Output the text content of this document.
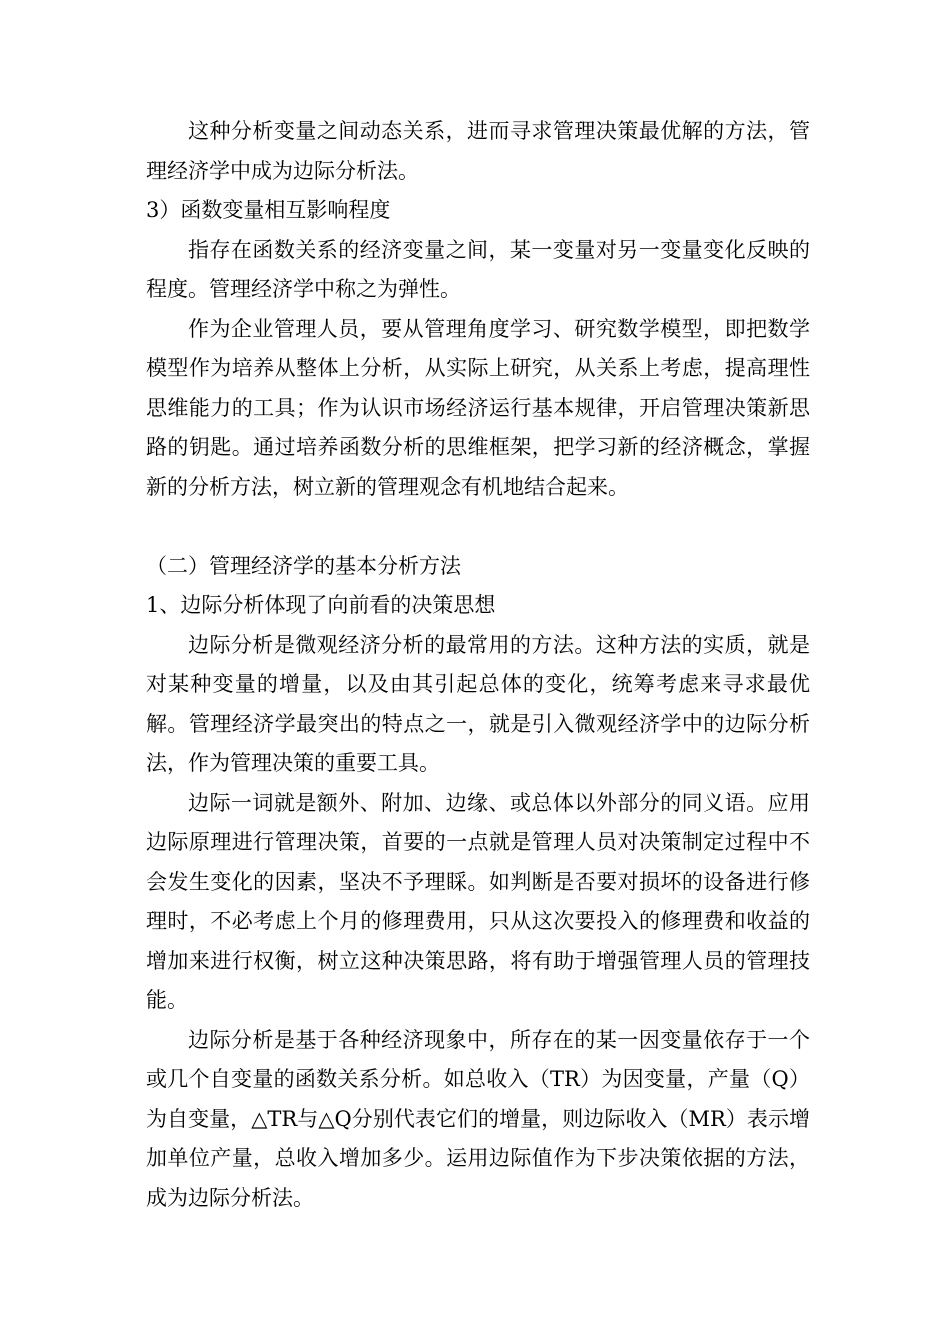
这种分析变量之间动态关系，进而寻求管理决策最优解的方法，管理经济学中成为边际分析法。

3）函数变量相互影响程度

指存在函数关系的经济变量之间，某一变量对另一变量变化反映的程度。管理经济学中称之为弹性。

作为企业管理人员，要从管理角度学习、研究数学模型，即把数学模型作为培养从整体上分析，从实际上研究，从关系上考虑，提高理性思维能力的工具；作为认识市场经济运行基本规律，开启管理决策新思路的钥匙。通过培养函数分析的思维框架，把学习新的经济概念，掌握新的分析方法，树立新的管理观念有机地结合起来。

（二）管理经济学的基本分析方法

1、边际分析体现了向前看的决策思想

边际分析是微观经济分析的最常用的方法。这种方法的实质，就是对某种变量的增量，以及由其引起总体的变化，统筹考虑来寻求最优解。管理经济学最突出的特点之一，就是引入微观经济学中的边际分析法，作为管理决策的重要工具。

边际一词就是额外、附加、边缘、或总体以外部分的同义语。应用边际原理进行管理决策，首要的一点就是管理人员对决策制定过程中不会发生变化的因素，坚决不予理睬。如判断是否要对损坏的设备进行修理时，不必考虑上个月的修理费用，只从这次要投入的修理费和收益的增加来进行权衡，树立这种决策思路，将有助于增强管理人员的管理技能。

边际分析是基于各种经济现象中，所存在的某一因变量依存于一个或几个自变量的函数关系分析。如总收入（TR）为因变量，产量（Q）为自变量，△TR与△Q分别代表它们的增量，则边际收入（MR）表示增加单位产量，总收入增加多少。运用边际值作为下步决策依据的方法，成为边际分析法。
